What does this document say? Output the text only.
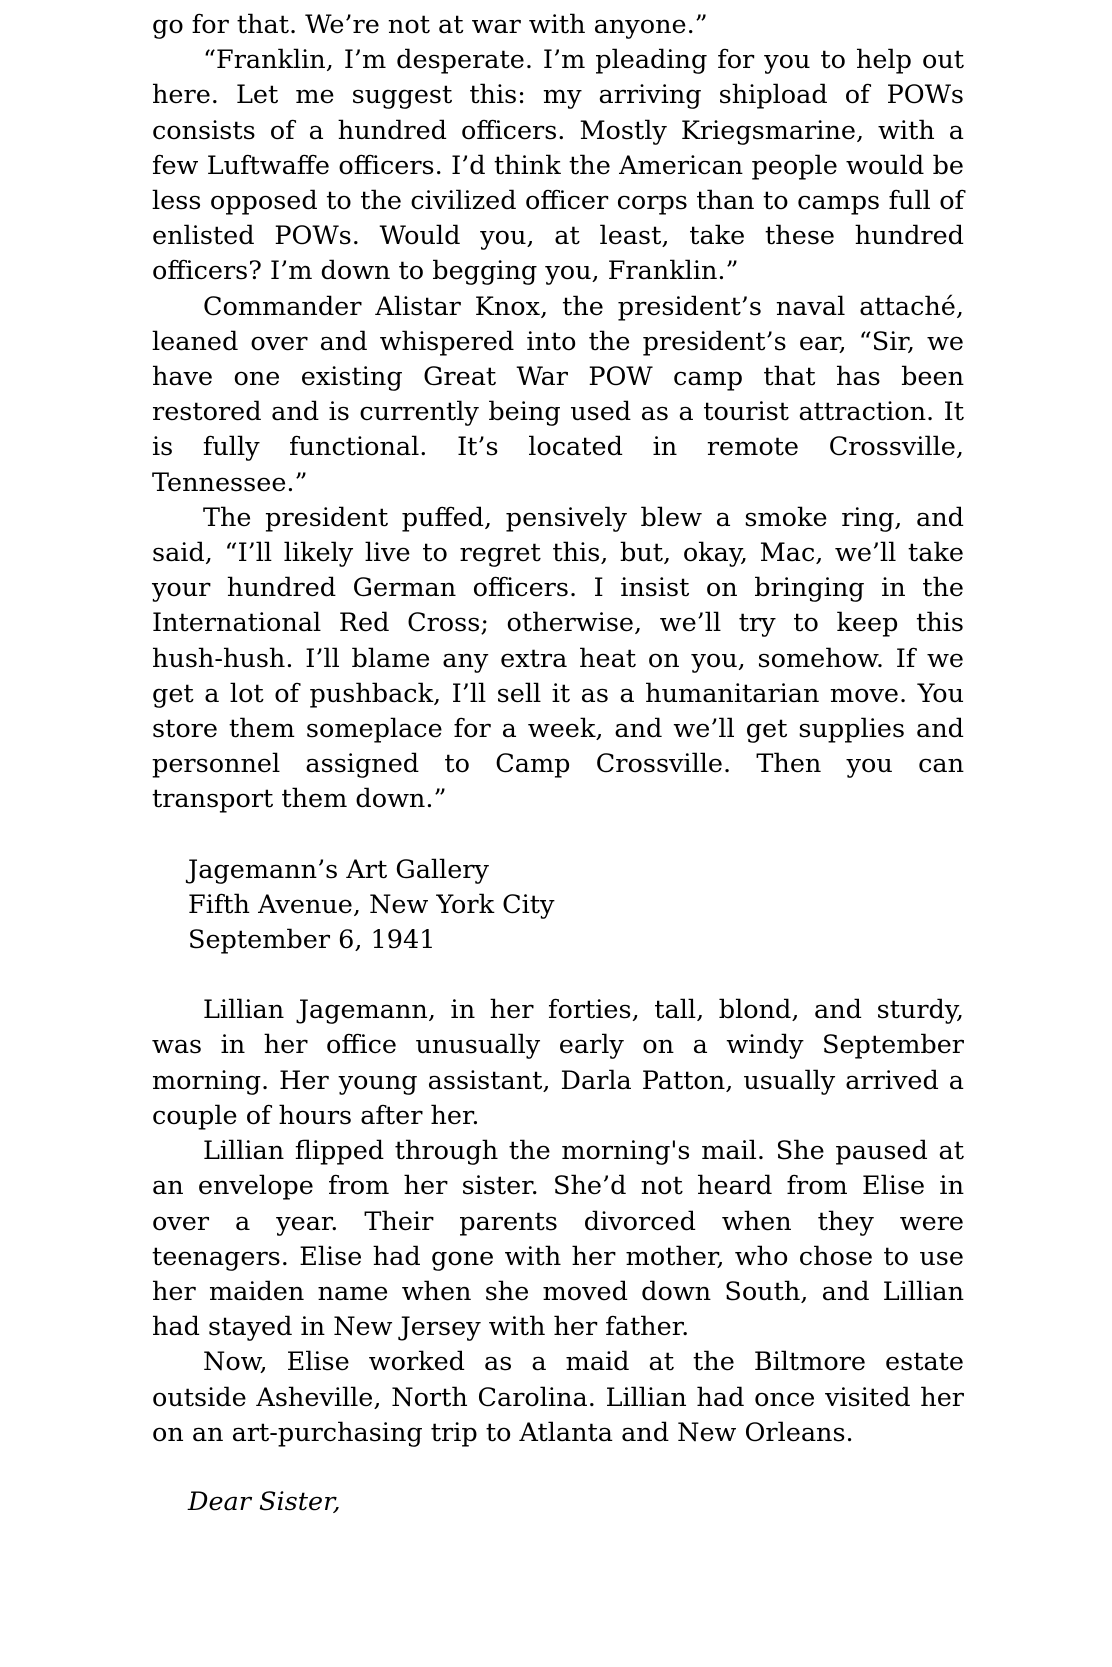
go for that. We’re not at war with anyone.”

“Franklin, I’m desperate. I’m pleading for you to help out here. Let me suggest this: my arriving shipload of POWs consists of a hundred officers. Mostly Kriegsmarine, with a few Luftwaffe officers. I’d think the American people would be less opposed to the civilized officer corps than to camps full of enlisted POWs. Would you, at least, take these hundred officers? I’m down to begging you, Franklin.”

Commander Alistar Knox, the president’s naval attaché, leaned over and whispered into the president’s ear, “Sir, we have one existing Great War POW camp that has been restored and is currently being used as a tourist attraction. It is fully functional. It’s located in remote Crossville, Tennessee.”

The president puffed, pensively blew a smoke ring, and said, “I’ll likely live to regret this, but, okay, Mac, we’ll take your hundred German officers. I insist on bringing in the International Red Cross; otherwise, we’ll try to keep this hush-hush. I’ll blame any extra heat on you, somehow. If we get a lot of pushback, I’ll sell it as a humanitarian move. You store them someplace for a week, and we’ll get supplies and personnel assigned to Camp Crossville. Then you can transport them down.”

Jagemann’s Art Gallery
Fifth Avenue, New York City
September 6, 1941

Lillian Jagemann, in her forties, tall, blond, and sturdy, was in her office unusually early on a windy September morning. Her young assistant, Darla Patton, usually arrived a couple of hours after her.

Lillian flipped through the morning's mail. She paused at an envelope from her sister. She’d not heard from Elise in over a year. Their parents divorced when they were teenagers. Elise had gone with her mother, who chose to use her maiden name when she moved down South, and Lillian had stayed in New Jersey with her father.

Now, Elise worked as a maid at the Biltmore estate outside Asheville, North Carolina. Lillian had once visited her on an art-purchasing trip to Atlanta and New Orleans.

Dear Sister,
